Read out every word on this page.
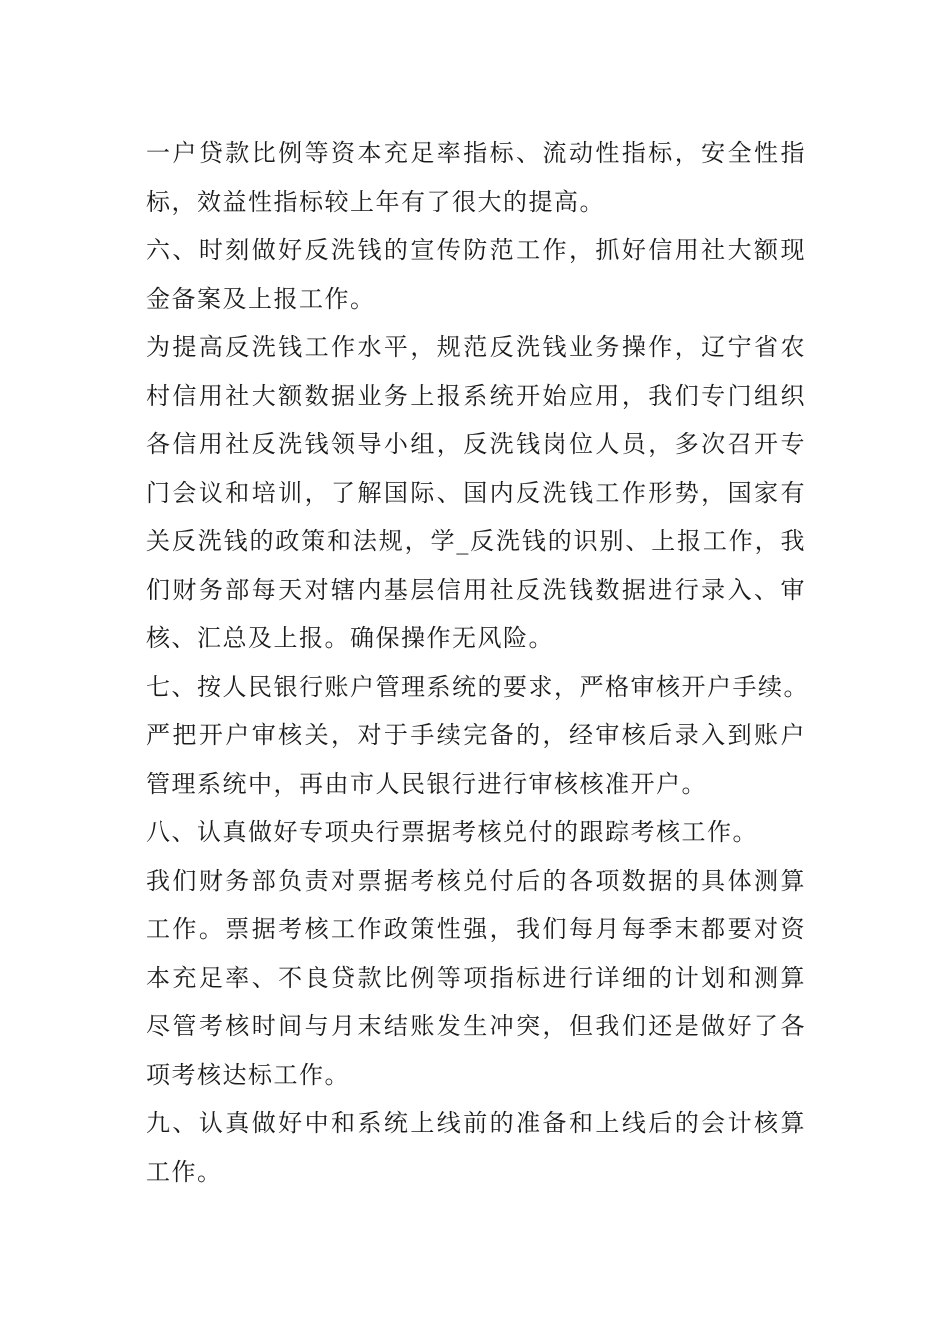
一户贷款比例等资本充足率指标、流动性指标，安全性指
标，效益性指标较上年有了很大的提高。
六、时刻做好反洗钱的宣传防范工作，抓好信用社大额现
金备案及上报工作。
为提高反洗钱工作水平，规范反洗钱业务操作，辽宁省农
村信用社大额数据业务上报系统开始应用，我们专门组织
各信用社反洗钱领导小组，反洗钱岗位人员，多次召开专
门会议和培训，了解国际、国内反洗钱工作形势，国家有
关反洗钱的政策和法规，学_反洗钱的识别、上报工作，我
们财务部每天对辖内基层信用社反洗钱数据进行录入、审
核、汇总及上报。确保操作无风险。
七、按人民银行账户管理系统的要求，严格审核开户手续。
严把开户审核关，对于手续完备的，经审核后录入到账户
管理系统中，再由市人民银行进行审核核准开户。
八、认真做好专项央行票据考核兑付的跟踪考核工作。
我们财务部负责对票据考核兑付后的各项数据的具体测算
工作。票据考核工作政策性强，我们每月每季末都要对资
本充足率、不良贷款比例等项指标进行详细的计划和测算
尽管考核时间与月末结账发生冲突，但我们还是做好了各
项考核达标工作。
九、认真做好中和系统上线前的准备和上线后的会计核算
工作。
